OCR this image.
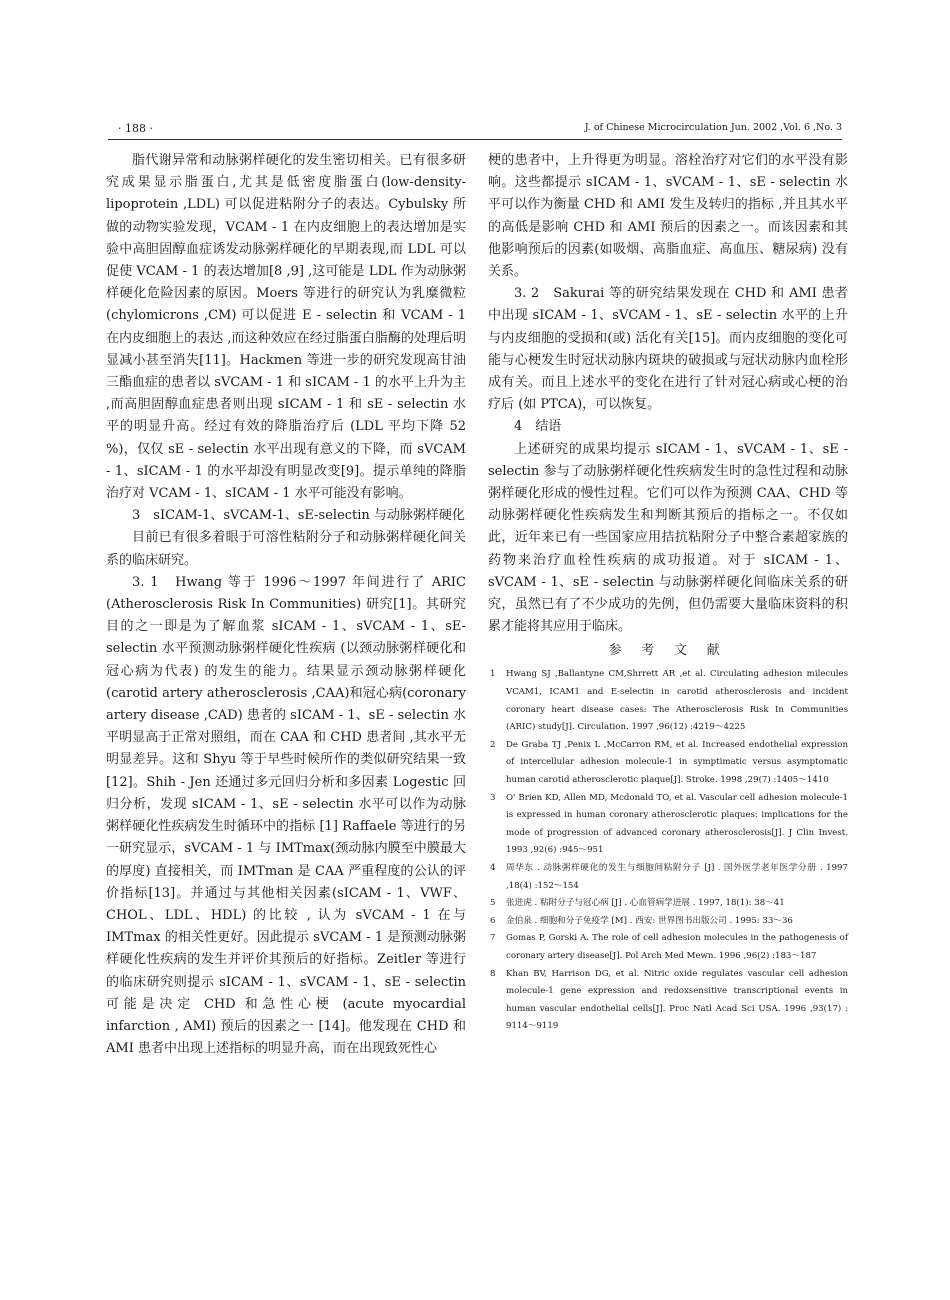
· 188 ·	J. of Chinese Microcirculation Jun. 2002 ,Vol. 6 ,No. 3

脂代谢异常和动脉粥样硬化的发生密切相关。已有很多研究成果显示脂蛋白,尤其是低密度脂蛋白(low-density-lipoprotein ,LDL) 可以促进粘附分子的表达。Cybulsky 所做的动物实验发现，VCAM - 1 在内皮细胞上的表达增加是实验中高胆固醇血症诱发动脉粥样硬化的早期表现,而 LDL 可以促使 VCAM - 1 的表达增加[8 ,9] ,这可能是 LDL 作为动脉粥样硬化危险因素的原因。Moers 等进行的研究认为乳糜微粒 (chylomicrons ,CM) 可以促进 E - selectin 和 VCAM - 1 在内皮细胞上的表达 ,而这种效应在经过脂蛋白脂酶的处理后明显减小甚至消失[11]。Hackmen 等进一步的研究发现高甘油三酯血症的患者以 sVCAM - 1 和 sICAM - 1 的水平上升为主 ,而高胆固醇血症患者则出现 sICAM - 1 和 sE - selectin 水平的明显升高。经过有效的降脂治疗后 (LDL 平均下降 52 %)，仅仅 sE - selectin 水平出现有意义的下降，而 sVCAM - 1、sICAM - 1 的水平却没有明显改变[9]。提示单纯的降脂治疗对 VCAM - 1、sICAM - 1 水平可能没有影响。

3　sICAM-1、sVCAM-1、sE-selectin 与动脉粥样硬化

目前已有很多着眼于可溶性粘附分子和动脉粥样硬化间关系的临床研究。

3. 1　Hwang 等于 1996～1997 年间进行了 ARIC (Atherosclerosis Risk In Communities) 研究[1]。其研究目的之一即是为了解血浆 sICAM - 1、sVCAM - 1、sE-selectin 水平预测动脉粥样硬化性疾病 (以颈动脉粥样硬化和冠心病为代表) 的发生的能力。结果显示颈动脉粥样硬化(carotid artery atherosclerosis ,CAA)和冠心病(coronary artery disease ,CAD) 患者的 sICAM - 1、sE - selectin 水平明显高于正常对照组，而在 CAA 和 CHD 患者间 ,其水平无明显差异。这和 Shyu 等于早些时候所作的类似研究结果一致[12]。Shih - Jen 还通过多元回归分析和多因素 Logestic 回归分析，发现 sICAM - 1、sE - selectin 水平可以作为动脉粥样硬化性疾病发生时循环中的指标 [1] Raffaele 等进行的另一研究显示，sVCAM - 1 与 IMTmax(颈动脉内膜至中膜最大的厚度) 直接相关，而 IMTman 是 CAA 严重程度的公认的评价指标[13]。并通过与其他相关因素(sICAM - 1、VWF、CHOL、LDL、HDL) 的比较 , 认为 sVCAM - 1 在与 IMTmax 的相关性更好。因此提示 sVCAM - 1 是预测动脉粥样硬化性疾病的发生并评价其预后的好指标。Zeitler 等进行的临床研究则提示 sICAM - 1、sVCAM - 1、sE - selectin 可能是决定 CHD 和急性心梗 (acute myocardial infarction , AMI) 预后的因素之一 [14]。他发现在 CHD 和 AMI 患者中出现上述指标的明显升高，而在出现致死性心

梗的患者中，上升得更为明显。溶栓治疗对它们的水平没有影响。这些都提示 sICAM - 1、sVCAM - 1、sE - selectin 水平可以作为衡量 CHD 和 AMI 发生及转归的指标 ,并且其水平的高低是影响 CHD 和 AMI 预后的因素之一。而该因素和其他影响预后的因素(如吸烟、高脂血症、高血压、糖尿病) 没有关系。

3. 2　Sakurai 等的研究结果发现在 CHD 和 AMI 患者中出现 sICAM - 1、sVCAM - 1、sE - selectin 水平的上升与内皮细胞的受损和(或) 活化有关[15]。而内皮细胞的变化可能与心梗发生时冠状动脉内斑块的破损或与冠状动脉内血栓形成有关。而且上述水平的变化在进行了针对冠心病或心梗的治疗后 (如 PTCA)，可以恢复。

4　结语

上述研究的成果均提示 sICAM - 1、sVCAM - 1、sE - selectin 参与了动脉粥样硬化性疾病发生时的急性过程和动脉粥样硬化形成的慢性过程。它们可以作为预测 CAA、CHD 等动脉粥样硬化性疾病发生和判断其预后的指标之一。不仅如此，近年来已有一些国家应用拮抗粘附分子中整合素超家族的药物来治疗血栓性疾病的成功报道。对于 sICAM - 1、sVCAM - 1、sE - selectin 与动脉粥样硬化间临床关系的研究，虽然已有了不少成功的先例，但仍需要大量临床资料的积累才能将其应用于临床。

参 考 文 献
1 Hwang SJ ,Ballantyne CM,Shrrett AR ,et al. Circulating adhesion milecules VCAM1, ICAM1 and E-selectin in carotid atherosclerosis and incident coronary heart disease cases: The Atherosclerosis Risk In Communities (ARIC) study[J]. Circulation. 1997 ,96(12) :4219～4225
2 De Graba TJ ,Penix L ,McCarron RM, et al. Increased endothelial expression of intercellular adhesion molecule-1 in symptimatic versus asymptomatic human carotid atherosclerotic plaque[J]. Stroke. 1998 ,29(7) :1405～1410
3 O' Brien KD, Allen MD, Mcdonald TO, et al. Vascular cell adhesion molecule-1 is expressed in human coronary atherosclerotic plaques: implications for the mode of progression of advanced coronary atherosclerosis[J]. J Clin Invest. 1993 ,92(6) :945～951
4 周华东 . 动脉粥样硬化的发生与细胞间粘附分子 [J] . 国外医学老年医学分册 . 1997 ,18(4) :152～154
5 张进虎 . 粘附分子与冠心病 [J] . 心血管病学进展 . 1997, 18(1): 38～41
6 金伯泉 . 细胞和分子免疫学 [M] . 西安: 世界图书出版公司 . 1995: 33～36
7 Gomas P, Gorski A. The role of cell adhesion molecules in the pathogenesis of coronary artery disease[J]. Pol Arch Med Mewn. 1996 ,96(2) :183～187
8 Khan BV, Harrison DG, et al. Nitric oxide regulates vascular cell adhesion molecule-1 gene expression and redoxsensitive transcriptional events in human vascular endothelial cells[J]. Proc Natl Acad Sci USA. 1996 ,93(17) : 9114～9119
